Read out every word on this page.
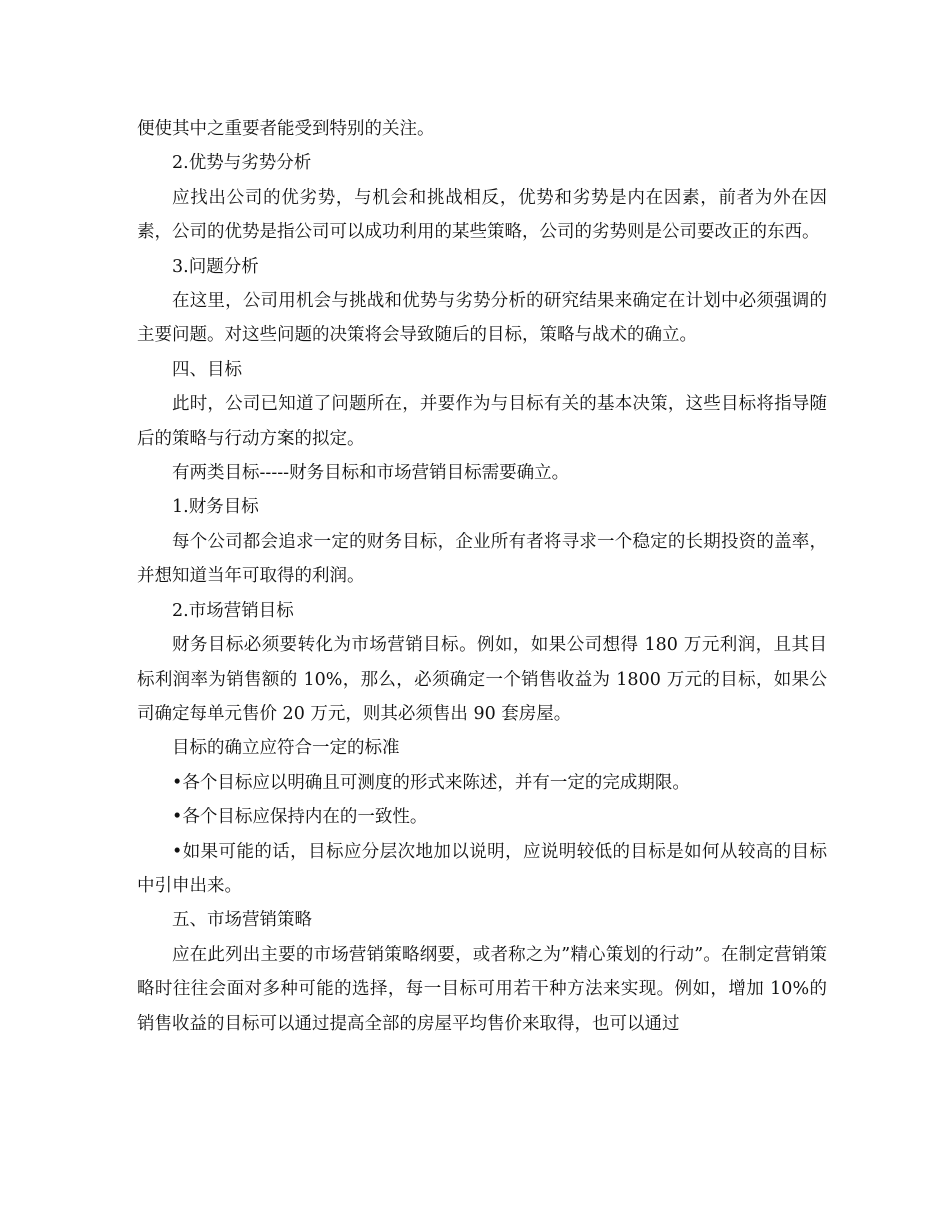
便使其中之重要者能受到特别的关注。

2.优势与劣势分析

应找出公司的优劣势，与机会和挑战相反，优势和劣势是内在因素，前者为外在因素，公司的优势是指公司可以成功利用的某些策略，公司的劣势则是公司要改正的东西。

3.问题分析

在这里，公司用机会与挑战和优势与劣势分析的研究结果来确定在计划中必须强调的主要问题。对这些问题的决策将会导致随后的目标，策略与战术的确立。

四、目标

此时，公司已知道了问题所在，并要作为与目标有关的基本决策，这些目标将指导随后的策略与行动方案的拟定。

有两类目标-----财务目标和市场营销目标需要确立。

1.财务目标

每个公司都会追求一定的财务目标，企业所有者将寻求一个稳定的长期投资的盖率，并想知道当年可取得的利润。

2.市场营销目标

财务目标必须要转化为市场营销目标。例如，如果公司想得 180 万元利润，且其目标利润率为销售额的 10%，那么，必须确定一个销售收益为 1800 万元的目标，如果公司确定每单元售价 20 万元，则其必须售出 90 套房屋。

目标的确立应符合一定的标准

•各个目标应以明确且可测度的形式来陈述，并有一定的完成期限。

•各个目标应保持内在的一致性。

•如果可能的话，目标应分层次地加以说明，应说明较低的目标是如何从较高的目标中引申出来。

五、市场营销策略

应在此列出主要的市场营销策略纲要，或者称之为”精心策划的行动”。在制定营销策略时往往会面对多种可能的选择，每一目标可用若干种方法来实现。例如，增加 10%的销售收益的目标可以通过提高全部的房屋平均售价来取得，也可以通过
